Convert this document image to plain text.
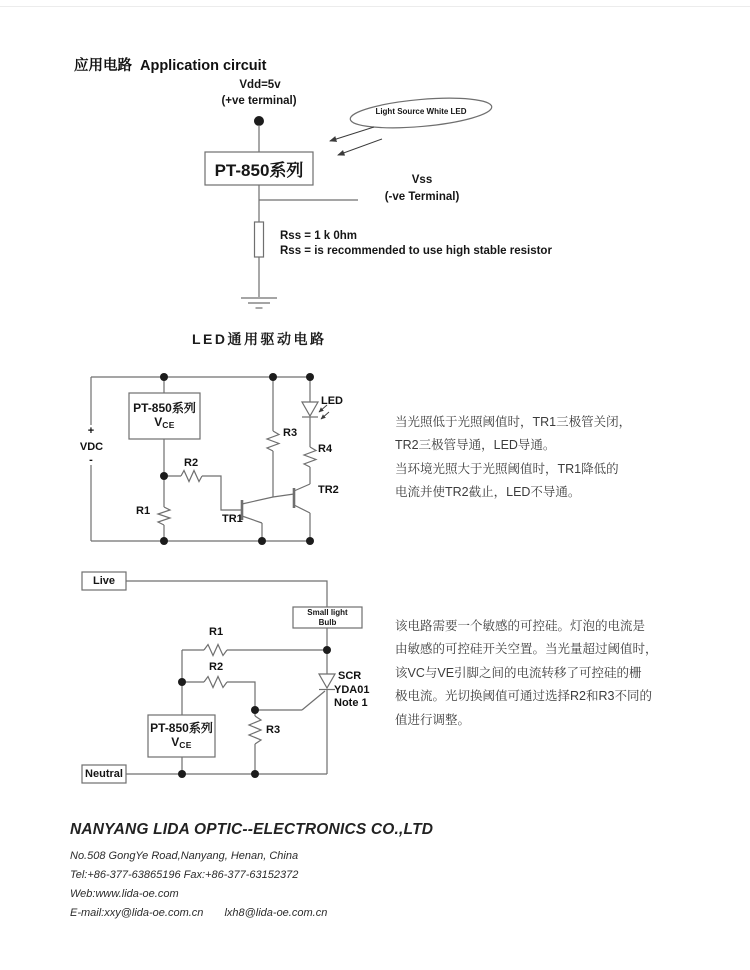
应用电路 Application circuit
Vdd=5v
(+ve terminal)
PT-850系列
Light Source White LED
Vss
(-ve Terminal)
Rss = 1 k 0hm
Rss = is recommended to use high stable resistor
LED通用驱动电路
+
VDC
-
PT-850系列
$V_{CE}$
R2
R1
R3
R4
LED
TR1
TR2
当光照低于光照阈值时，TR1三极管关闭，
TR2三极管导通，LED导通。
当环境光照大于光照阈值时，TR1降低的
电流并使TR2截止，LED不导通。
Live
Small light
Bulb
R1
R2
R3
SCR
YDA01
Note 1
PT-850系列
$V_{CE}$
Neutral
该电路需要一个敏感的可控硅。灯泡的电流是
由敏感的可控硅开关空置。当光量超过阈值时，
该VC与VE引脚之间的电流转移了可控硅的栅
极电流。光切换阈值可通过选择R2和R3不同的
值进行调整。
NANYANG LIDA OPTIC--ELECTRONICS CO.,LTD
No.508 GongYe Road,Nanyang, Henan, China
Tel:+86-377-63865196 Fax:+86-377-63152372
Web:www.lida-oe.com
E-mail:xxy@lida-oe.com.cn lxh8@lida-oe.com.cn
